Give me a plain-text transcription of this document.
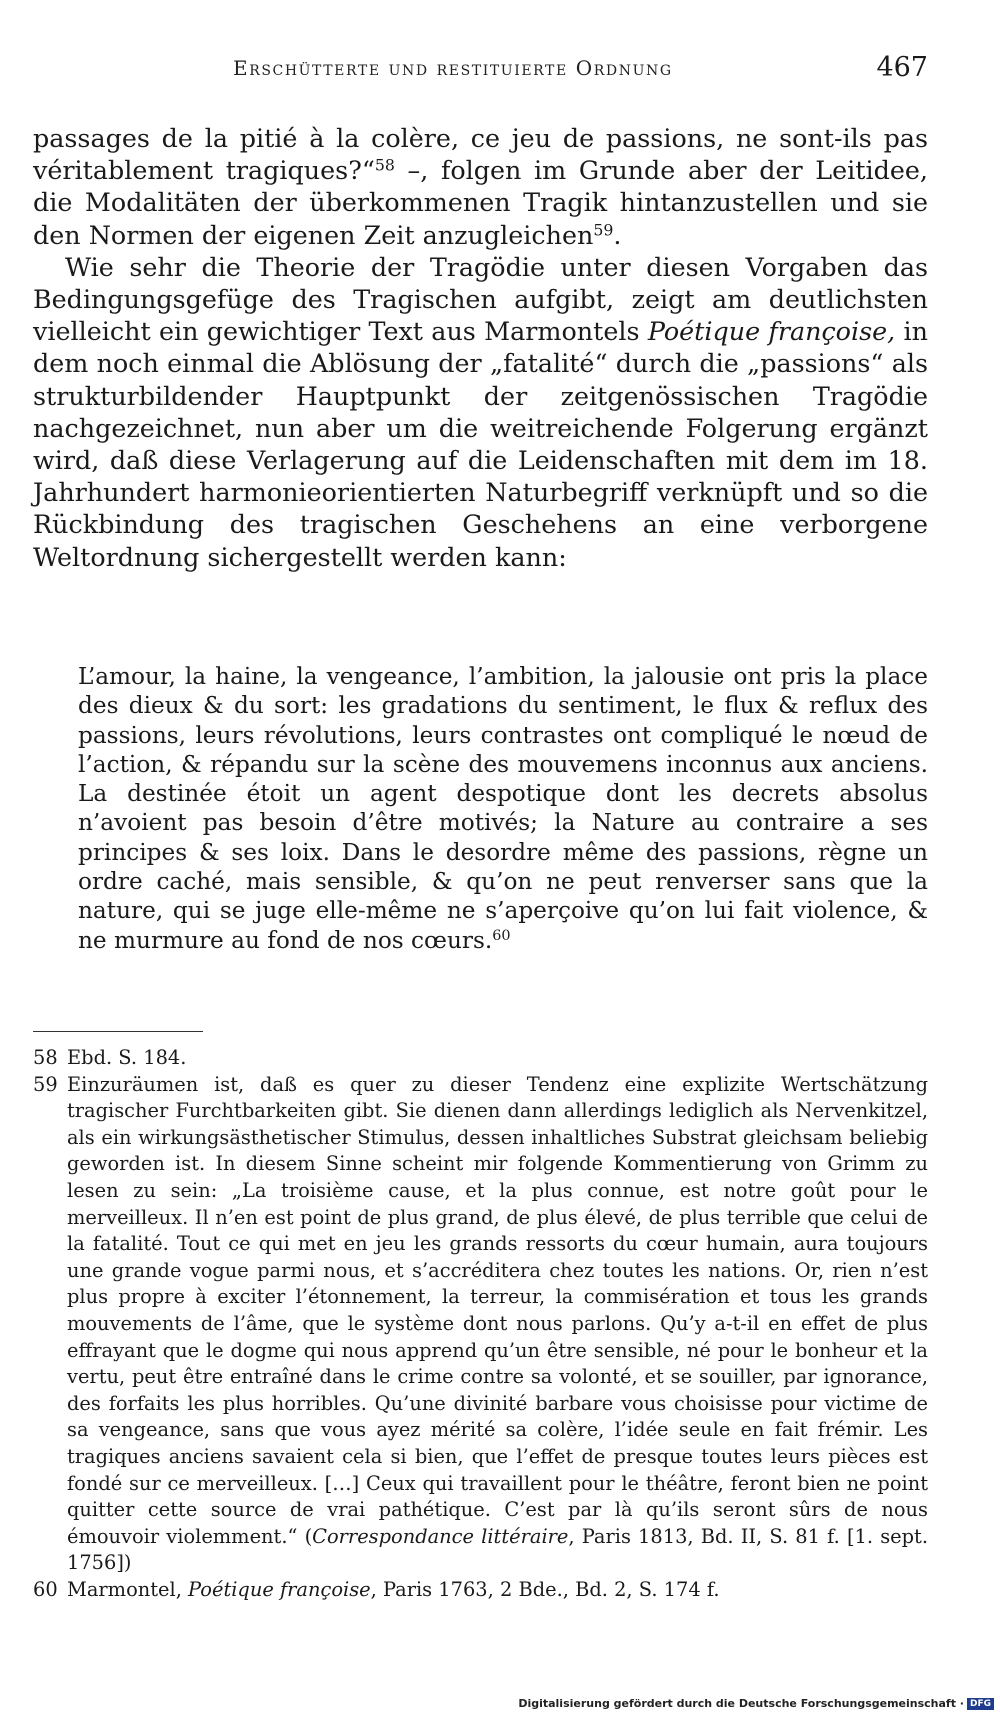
Erschütterte und restituierte Ordnung	467

passages de la pitié à la colère, ce jeu de passions, ne sont-ils pas véritablement tragiques?“$^{58}$ –, folgen im Grunde aber der Leitidee, die Modalitäten der überkommenen Tragik hintanzustellen und sie den Normen der eigenen Zeit anzugleichen$^{59}$.

Wie sehr die Theorie der Tragödie unter diesen Vorgaben das Bedingungsgefüge des Tragischen aufgibt, zeigt am deutlichsten vielleicht ein gewichtiger Text aus Marmontels Poétique françoise, in dem noch einmal die Ablösung der „fatalité“ durch die „passions“ als strukturbildender Hauptpunkt der zeitgenössischen Tragödie nachgezeichnet, nun aber um die weitreichende Folgerung ergänzt wird, daß diese Verlagerung auf die Leidenschaften mit dem im 18. Jahrhundert harmonieorientierten Naturbegriff verknüpft und so die Rückbindung des tragischen Geschehens an eine verborgene Weltordnung sichergestellt werden kann:

L’amour, la haine, la vengeance, l’ambition, la jalousie ont pris la place des dieux & du sort: les gradations du sentiment, le flux & reflux des passions, leurs révolutions, leurs contrastes ont compliqué le nœud de l’action, & répandu sur la scène des mouvemens inconnus aux anciens. La destinée étoit un agent despotique dont les decrets absolus n’avoient pas besoin d’être motivés; la Nature au contraire a ses principes & ses loix. Dans le desordre même des passions, règne un ordre caché, mais sensible, & qu’on ne peut renverser sans que la nature, qui se juge elle-même ne s’aperçoive qu’on lui fait violence, & ne murmure au fond de nos cœurs.$^{60}$

58 Ebd. S. 184.

59 Einzuräumen ist, daß es quer zu dieser Tendenz eine explizite Wertschätzung tragischer Furchtbarkeiten gibt. Sie dienen dann allerdings lediglich als Nervenkitzel, als ein wirkungsästhetischer Stimulus, dessen inhaltliches Substrat gleichsam beliebig geworden ist. In diesem Sinne scheint mir folgende Kommentierung von Grimm zu lesen zu sein: „La troisième cause, et la plus connue, est notre goût pour le merveilleux. Il n’en est point de plus grand, de plus élevé, de plus terrible que celui de la fatalité. Tout ce qui met en jeu les grands ressorts du cœur humain, aura toujours une grande vogue parmi nous, et s’accréditera chez toutes les nations. Or, rien n’est plus propre à exciter l’étonnement, la terreur, la commisération et tous les grands mouvements de l’âme, que le système dont nous parlons. Qu’y a-t-il en effet de plus effrayant que le dogme qui nous apprend qu’un être sensible, né pour le bonheur et la vertu, peut être entraîné dans le crime contre sa volonté, et se souiller, par ignorance, des forfaits les plus horribles. Qu’une divinité barbare vous choisisse pour victime de sa vengeance, sans que vous ayez mérité sa colère, l’idée seule en fait frémir. Les tragiques anciens savaient cela si bien, que l’effet de presque toutes leurs pièces est fondé sur ce merveilleux. […] Ceux qui travaillent pour le théâtre, feront bien ne point quitter cette source de vrai pathétique. C’est par là qu’ils seront sûrs de nous émouvoir violemment.“ (Correspondance littéraire, Paris 1813, Bd. II, S. 81 f. [1. sept. 1756])

60 Marmontel, Poétique françoise, Paris 1763, 2 Bde., Bd. 2, S. 174 f.

Digitalisierung gefördert durch die Deutsche Forschungsgemeinschaft · DFG
